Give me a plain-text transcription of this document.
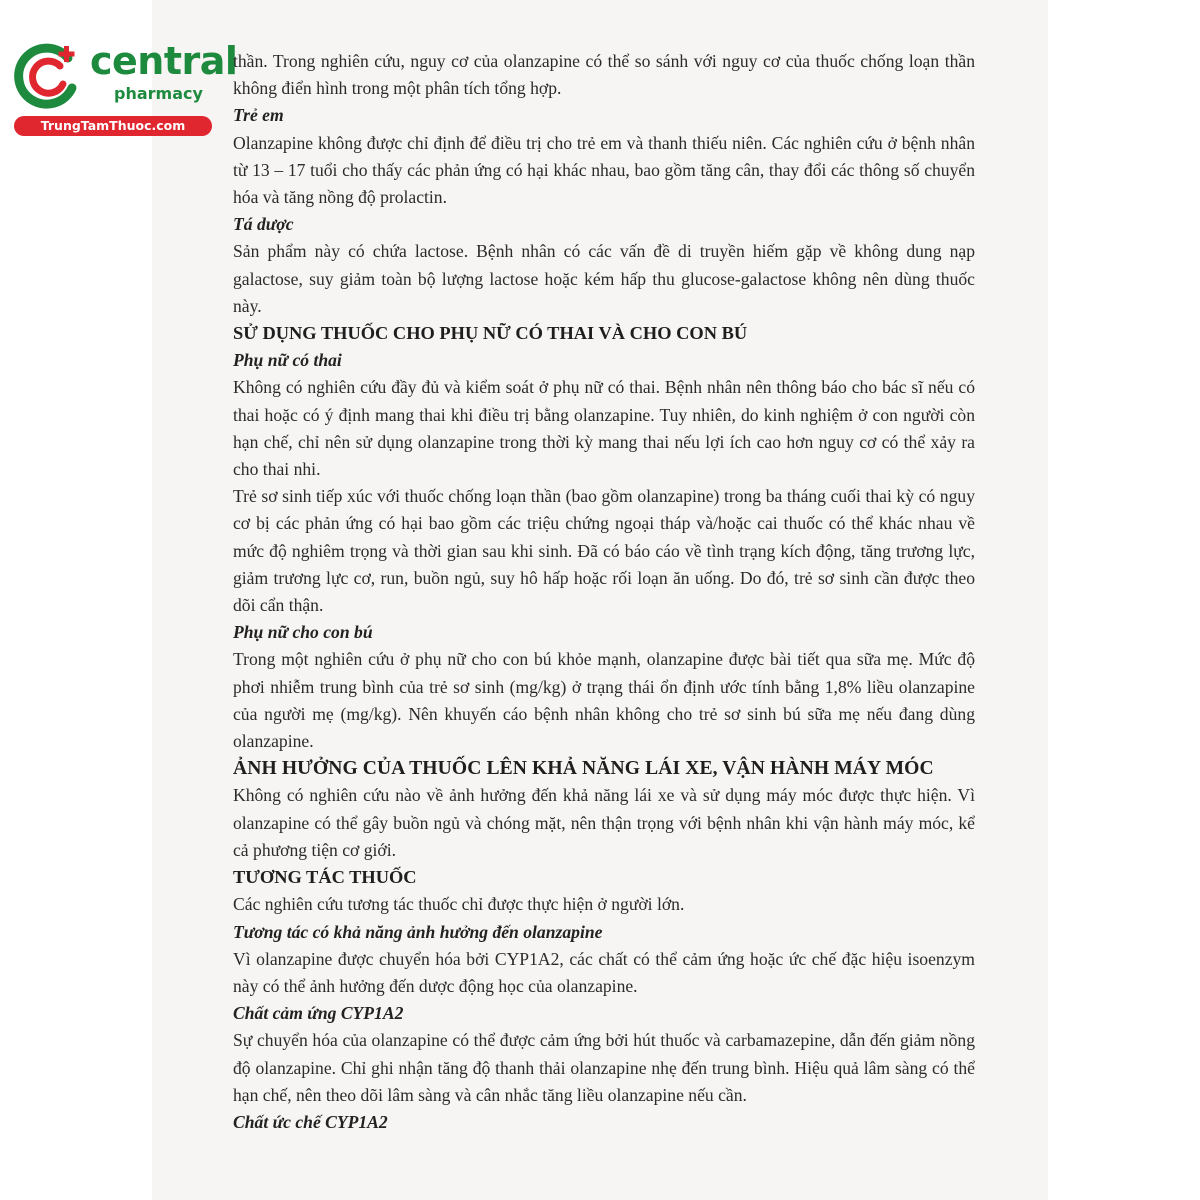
central
pharmacy
TrungTamThuoc.com

thần. Trong nghiên cứu, nguy cơ của olanzapine có thể so sánh với nguy cơ của thuốc chống loạn thần không điển hình trong một phân tích tổng hợp.

Trẻ em

Olanzapine không được chỉ định để điều trị cho trẻ em và thanh thiếu niên. Các nghiên cứu ở bệnh nhân từ 13 – 17 tuổi cho thấy các phản ứng có hại khác nhau, bao gồm tăng cân, thay đổi các thông số chuyển hóa và tăng nồng độ prolactin.

Tá dược

Sản phẩm này có chứa lactose. Bệnh nhân có các vấn đề di truyền hiếm gặp về không dung nạp galactose, suy giảm toàn bộ lượng lactose hoặc kém hấp thu glucose-galactose không nên dùng thuốc này.

SỬ DỤNG THUỐC CHO PHỤ NỮ CÓ THAI VÀ CHO CON BÚ

Phụ nữ có thai

Không có nghiên cứu đầy đủ và kiểm soát ở phụ nữ có thai. Bệnh nhân nên thông báo cho bác sĩ nếu có thai hoặc có ý định mang thai khi điều trị bằng olanzapine. Tuy nhiên, do kinh nghiệm ở con người còn hạn chế, chỉ nên sử dụng olanzapine trong thời kỳ mang thai nếu lợi ích cao hơn nguy cơ có thể xảy ra cho thai nhi.

Trẻ sơ sinh tiếp xúc với thuốc chống loạn thần (bao gồm olanzapine) trong ba tháng cuối thai kỳ có nguy cơ bị các phản ứng có hại bao gồm các triệu chứng ngoại tháp và/hoặc cai thuốc có thể khác nhau về mức độ nghiêm trọng và thời gian sau khi sinh. Đã có báo cáo về tình trạng kích động, tăng trương lực, giảm trương lực cơ, run, buồn ngủ, suy hô hấp hoặc rối loạn ăn uống. Do đó, trẻ sơ sinh cần được theo dõi cẩn thận.

Phụ nữ cho con bú

Trong một nghiên cứu ở phụ nữ cho con bú khỏe mạnh, olanzapine được bài tiết qua sữa mẹ. Mức độ phơi nhiễm trung bình của trẻ sơ sinh (mg/kg) ở trạng thái ổn định ước tính bằng 1,8% liều olanzapine của người mẹ (mg/kg). Nên khuyến cáo bệnh nhân không cho trẻ sơ sinh bú sữa mẹ nếu đang dùng olanzapine.

ẢNH HƯỞNG CỦA THUỐC LÊN KHẢ NĂNG LÁI XE, VẬN HÀNH MÁY MÓC

Không có nghiên cứu nào về ảnh hưởng đến khả năng lái xe và sử dụng máy móc được thực hiện. Vì olanzapine có thể gây buồn ngủ và chóng mặt, nên thận trọng với bệnh nhân khi vận hành máy móc, kể cả phương tiện cơ giới.

TƯƠNG TÁC THUỐC

Các nghiên cứu tương tác thuốc chỉ được thực hiện ở người lớn.

Tương tác có khả năng ảnh hưởng đến olanzapine

Vì olanzapine được chuyển hóa bởi CYP1A2, các chất có thể cảm ứng hoặc ức chế đặc hiệu isoenzym này có thể ảnh hưởng đến dược động học của olanzapine.

Chất cảm ứng CYP1A2

Sự chuyển hóa của olanzapine có thể được cảm ứng bởi hút thuốc và carbamazepine, dẫn đến giảm nồng độ olanzapine. Chỉ ghi nhận tăng độ thanh thải olanzapine nhẹ đến trung bình. Hiệu quả lâm sàng có thể hạn chế, nên theo dõi lâm sàng và cân nhắc tăng liều olanzapine nếu cần.

Chất ức chế CYP1A2
